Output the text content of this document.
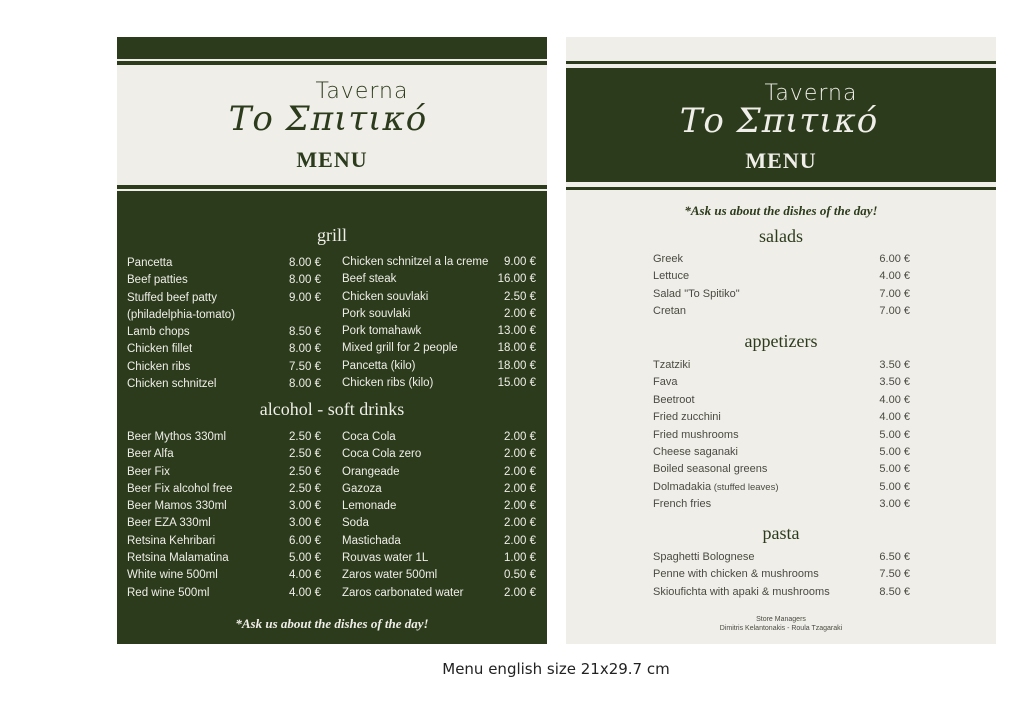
Taverna
Το Σπιτικό
MENU
grill
Pancetta	8.00 €
Beef patties	8.00 €
Stuffed beef patty	9.00 €
(philadelphia-tomato)
Lamb chops	8.50 €
Chicken fillet	8.00 €
Chicken ribs	7.50 €
Chicken schnitzel	8.00 €
Chicken schnitzel a la creme 9.00 €
Beef steak	16.00 €
Chicken souvlaki	2.50 €
Pork souvlaki	2.00 €
Pork tomahawk	13.00 €
Mixed grill for 2 people	18.00 €
Pancetta (kilo)	18.00 €
Chicken ribs (kilo)	15.00 €
alcohol - soft drinks
Beer Mythos 330ml	2.50 €
Beer Alfa	2.50 €
Beer Fix	2.50 €
Beer Fix alcohol free	2.50 €
Beer Mamos 330ml	3.00 €
Beer EZA 330ml	3.00 €
Retsina Kehribari	6.00 €
Retsina Malamatina	5.00 €
White wine 500ml	4.00 €
Red wine 500ml	4.00 €
Coca Cola	2.00 €
Coca Cola zero	2.00 €
Orangeade	2.00 €
Gazoza	2.00 €
Lemonade	2.00 €
Soda	2.00 €
Mastichada	2.00 €
Rouvas water 1L	1.00 €
Zaros water 500ml	0.50 €
Zaros carbonated water	2.00 €
*Ask us about the dishes of the day!
Taverna
Το Σπιτικό
MENU
*Ask us about the dishes of the day!
salads
Greek	6.00 €
Lettuce	4.00 €
Salad "To Spitiko"	7.00 €
Cretan	7.00 €
appetizers
Tzatziki	3.50 €
Fava	3.50 €
Beetroot	4.00 €
Fried zucchini	4.00 €
Fried mushrooms	5.00 €
Cheese saganaki	5.00 €
Boiled seasonal greens	5.00 €
Dolmadakia (stuffed leaves)	5.00 €
French fries	3.00 €
pasta
Spaghetti Bolognese	6.50 €
Penne with chicken & mushrooms	7.50 €
Skioufichta with apaki & mushrooms	8.50 €
Store Managers
Dimitris Kelantonakis - Roula Tzagaraki
Menu english size 21x29.7 cm
